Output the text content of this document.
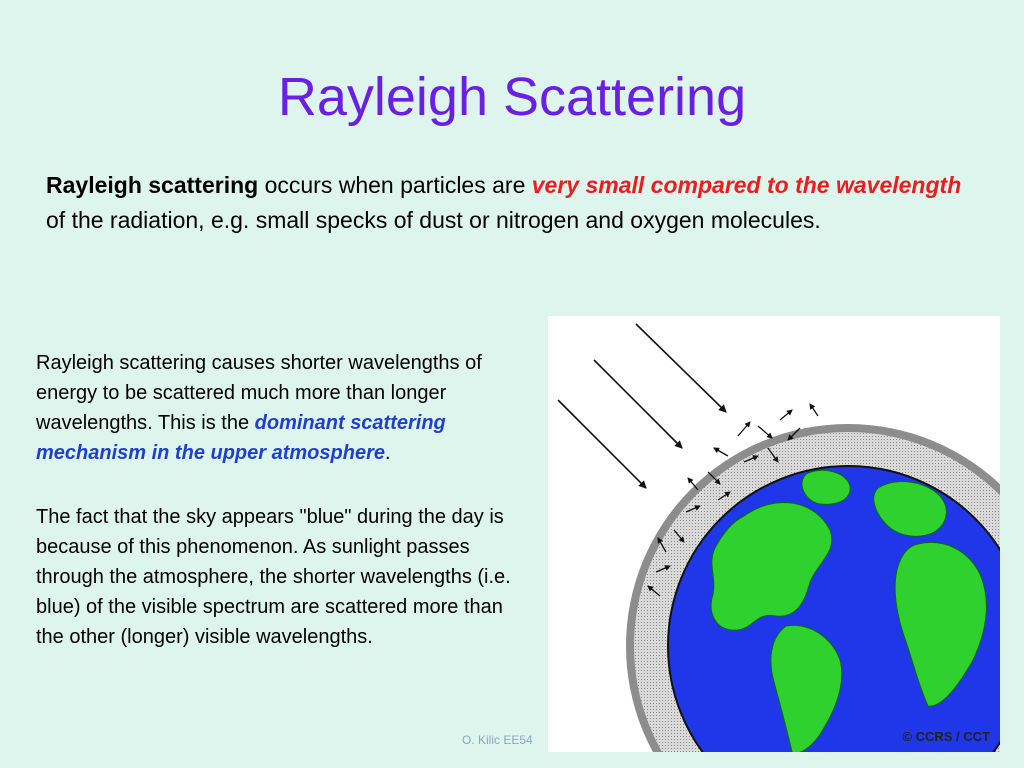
Rayleigh Scattering
Rayleigh scattering occurs when particles are very small compared to the wavelength of the radiation, e.g. small specks of dust or nitrogen and oxygen molecules.

Rayleigh scattering causes shorter wavelengths of energy to be scattered much more than longer wavelengths. This is the dominant scattering mechanism in the upper atmosphere.

The fact that the sky appears "blue" during the day is because of this phenomenon. As sunlight passes through the atmosphere, the shorter wavelengths (i.e. blue) of the visible spectrum are scattered more than the other (longer) visible wavelengths.

O. Kilic EE54	© CCRS / CCT
